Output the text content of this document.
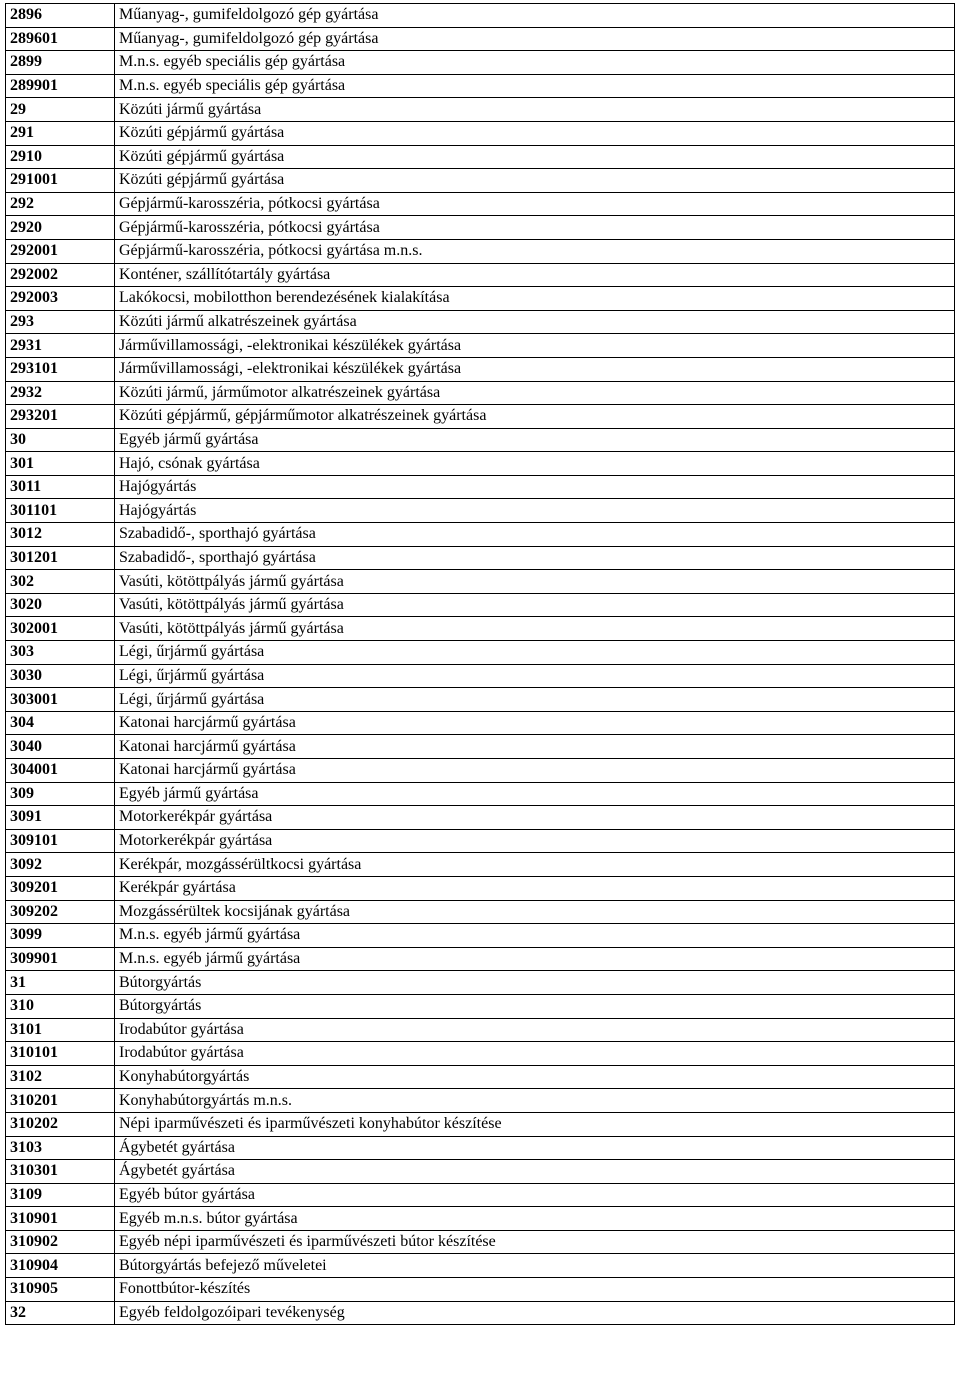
2896	Műanyag-, gumifeldolgozó gép gyártása
289601	Műanyag-, gumifeldolgozó gép gyártása
2899	M.n.s. egyéb speciális gép gyártása
289901	M.n.s. egyéb speciális gép gyártása
29	Közúti jármű gyártása
291	Közúti gépjármű gyártása
2910	Közúti gépjármű gyártása
291001	Közúti gépjármű gyártása
292	Gépjármű-karosszéria, pótkocsi gyártása
2920	Gépjármű-karosszéria, pótkocsi gyártása
292001	Gépjármű-karosszéria, pótkocsi gyártása m.n.s.
292002	Konténer, szállítótartály gyártása
292003	Lakókocsi, mobilotthon berendezésének kialakítása
293	Közúti jármű alkatrészeinek gyártása
2931	Járművillamossági, -elektronikai készülékek gyártása
293101	Járművillamossági, -elektronikai készülékek gyártása
2932	Közúti jármű, járműmotor alkatrészeinek gyártása
293201	Közúti gépjármű, gépjárműmotor alkatrészeinek gyártása
30	Egyéb jármű gyártása
301	Hajó, csónak gyártása
3011	Hajógyártás
301101	Hajógyártás
3012	Szabadidő-, sporthajó gyártása
301201	Szabadidő-, sporthajó gyártása
302	Vasúti, kötöttpályás jármű gyártása
3020	Vasúti, kötöttpályás jármű gyártása
302001	Vasúti, kötöttpályás jármű gyártása
303	Légi, űrjármű gyártása
3030	Légi, űrjármű gyártása
303001	Légi, űrjármű gyártása
304	Katonai harcjármű gyártása
3040	Katonai harcjármű gyártása
304001	Katonai harcjármű gyártása
309	Egyéb jármű gyártása
3091	Motorkerékpár gyártása
309101	Motorkerékpár gyártása
3092	Kerékpár, mozgássérültkocsi gyártása
309201	Kerékpár gyártása
309202	Mozgássérültek kocsijának gyártása
3099	M.n.s. egyéb jármű gyártása
309901	M.n.s. egyéb jármű gyártása
31	Bútorgyártás
310	Bútorgyártás
3101	Irodabútor gyártása
310101	Irodabútor gyártása
3102	Konyhabútorgyártás
310201	Konyhabútorgyártás m.n.s.
310202	Népi iparművészeti és iparművészeti konyhabútor készítése
3103	Ágybetét gyártása
310301	Ágybetét gyártása
3109	Egyéb bútor gyártása
310901	Egyéb m.n.s. bútor gyártása
310902	Egyéb népi iparművészeti és iparművészeti bútor készítése
310904	Bútorgyártás befejező műveletei
310905	Fonottbútor-készítés
32	Egyéb feldolgozóipari tevékenység
